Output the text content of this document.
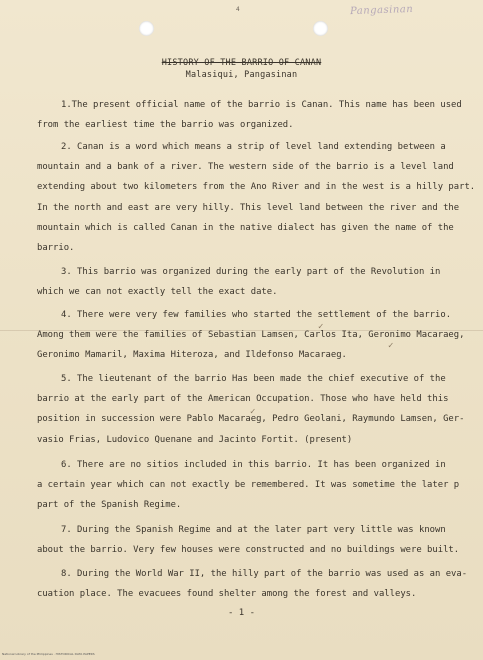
4	Pangasinan
HISTORY OF THE BARRIO OF CANAN
Malasiqui, Pangasinan
1.The present official name of the barrio is Canan. This name has been used
from the earliest time the barrio was organized.
2. Canan is a word which means a strip of level land extending between a
mountain and a bank of a river. The western side of the barrio is a level land
extending about two kilometers from the Ano River and in the west is a hilly part.
In the north and east are very hilly. This level land between the river and the
mountain which is called Canan in the native dialect has given the name of the
barrio.
3. This barrio was organized during the early part of the Revolution in
which we can not exactly tell the exact date.
4. There were very few families who started the settlement of the barrio.
Among them were the families of Sebastian Lamsen, Carlos Ita, Geronimo Macaraeg,
Geronimo Mamaril, Maxima Hiteroza, and Ildefonso Macaraeg.
5. The lieutenant of the barrio Has been made the chief executive of the
barrio at the early part of the American Occupation. Those who have held this
position in succession were Pablo Macaraeg, Pedro Geolani, Raymundo Lamsen, Ger-
vasio Frias, Ludovico Quenane and Jacinto Fortit. (present)
6. There are no sitios included in this barrio. It has been organized in
a certain year which can not exactly be remembered. It was sometime the later p
part of the Spanish Regime.
7. During the Spanish Regime and at the later part very little was known
about the barrio. Very few houses were constructed and no buildings were built.
8. During the World War II, the hilly part of the barrio was used as an eva-
cuation place. The evacuees found shelter among the forest and valleys.
✓
✓
✓
- 1 -
National Library of the Philippines · HISTORICAL DATA PAPERS
